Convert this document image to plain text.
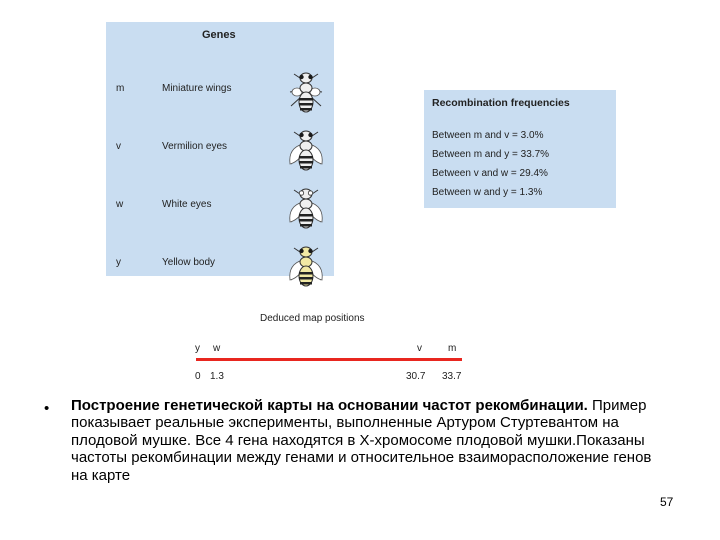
Genes
m	Miniature wings
v	Vermilion eyes
w	White eyes
y	Yellow body
Recombination frequencies
Between m and v = 3.0%
Between m and y = 33.7%
Between v and w = 29.4%
Between w and y = 1.3%
Deduced map positions
y w	v	m
0 1.3	30.7 33.7
• Построение генетической карты на основании частот рекомбинации. Пример показывает реальные эксперименты, выполненные Артуром Стуртевантом на плодовой мушке. Все 4 гена находятся в Х-хромосоме плодовой мушки.Показаны частоты рекомбинации между генами и относительное взаиморасположение генов на карте
57
